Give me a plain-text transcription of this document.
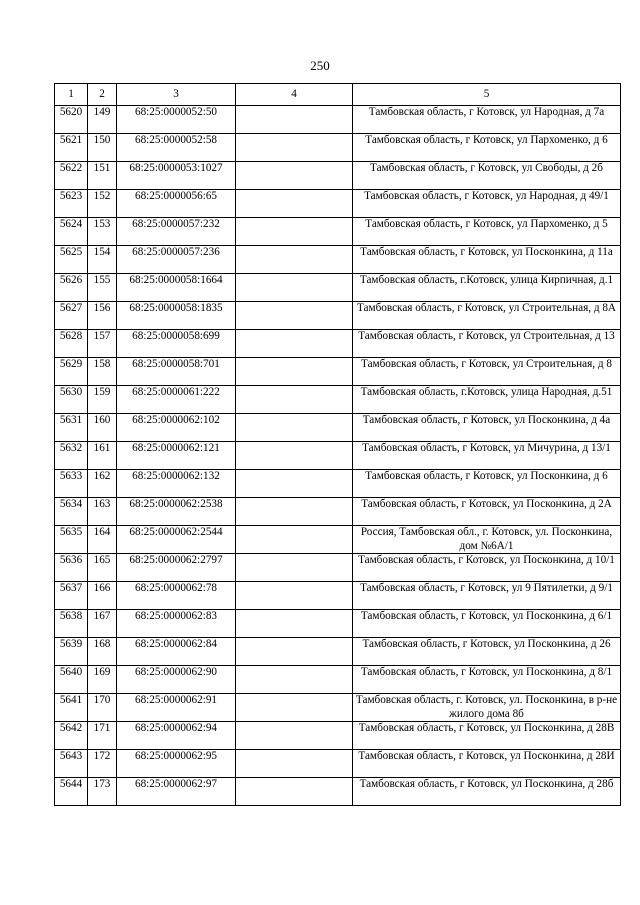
250
1	2	3	4	5
5620	149	68:25:0000052:50		Тамбовская область, г Котовск, ул Народная, д 7а
5621	150	68:25:0000052:58		Тамбовская область, г Котовск, ул Пархоменко, д 6
5622	151	68:25:0000053:1027		Тамбовская область, г Котовск, ул Свободы, д 2б
5623	152	68:25:0000056:65		Тамбовская область, г Котовск, ул Народная, д 49/1
5624	153	68:25:0000057:232		Тамбовская область, г Котовск, ул Пархоменко, д 5
5625	154	68:25:0000057:236		Тамбовская область, г Котовск, ул Посконкина, д 11а
5626	155	68:25:0000058:1664		Тамбовская область, г.Котовск, улица Кирпичная, д.1
5627	156	68:25:0000058:1835		Тамбовская область, г Котовск, ул Строительная, д 8А
5628	157	68:25:0000058:699		Тамбовская область, г Котовск, ул Строительная, д 13
5629	158	68:25:0000058:701		Тамбовская область, г Котовск, ул Строительная, д 8
5630	159	68:25:0000061:222		Тамбовская область, г.Котовск, улица Народная, д.51
5631	160	68:25:0000062:102		Тамбовская область, г Котовск, ул Посконкина, д 4а
5632	161	68:25:0000062:121		Тамбовская область, г Котовск, ул Мичурина, д 13/1
5633	162	68:25:0000062:132		Тамбовская область, г Котовск, ул Посконкина, д 6
5634	163	68:25:0000062:2538		Тамбовская область, г Котовск, ул Посконкина, д 2А
5635	164	68:25:0000062:2544		Россия, Тамбовская обл., г. Котовск, ул. Посконкина, дом №6А/1
5636	165	68:25:0000062:2797		Тамбовская область, г Котовск, ул Посконкина, д 10/1
5637	166	68:25:0000062:78		Тамбовская область, г Котовск, ул 9 Пятилетки, д 9/1
5638	167	68:25:0000062:83		Тамбовская область, г Котовск, ул Посконкина, д 6/1
5639	168	68:25:0000062:84		Тамбовская область, г Котовск, ул Посконкина, д 26
5640	169	68:25:0000062:90		Тамбовская область, г Котовск, ул Посконкина, д 8/1
5641	170	68:25:0000062:91		Тамбовская область, г. Котовск, ул. Посконкина, в р-не жилого дома 8б
5642	171	68:25:0000062:94		Тамбовская область, г Котовск, ул Посконкина, д 28В
5643	172	68:25:0000062:95		Тамбовская область, г Котовск, ул Посконкина, д 28И
5644	173	68:25:0000062:97		Тамбовская область, г Котовск, ул Посконкина, д 28б
